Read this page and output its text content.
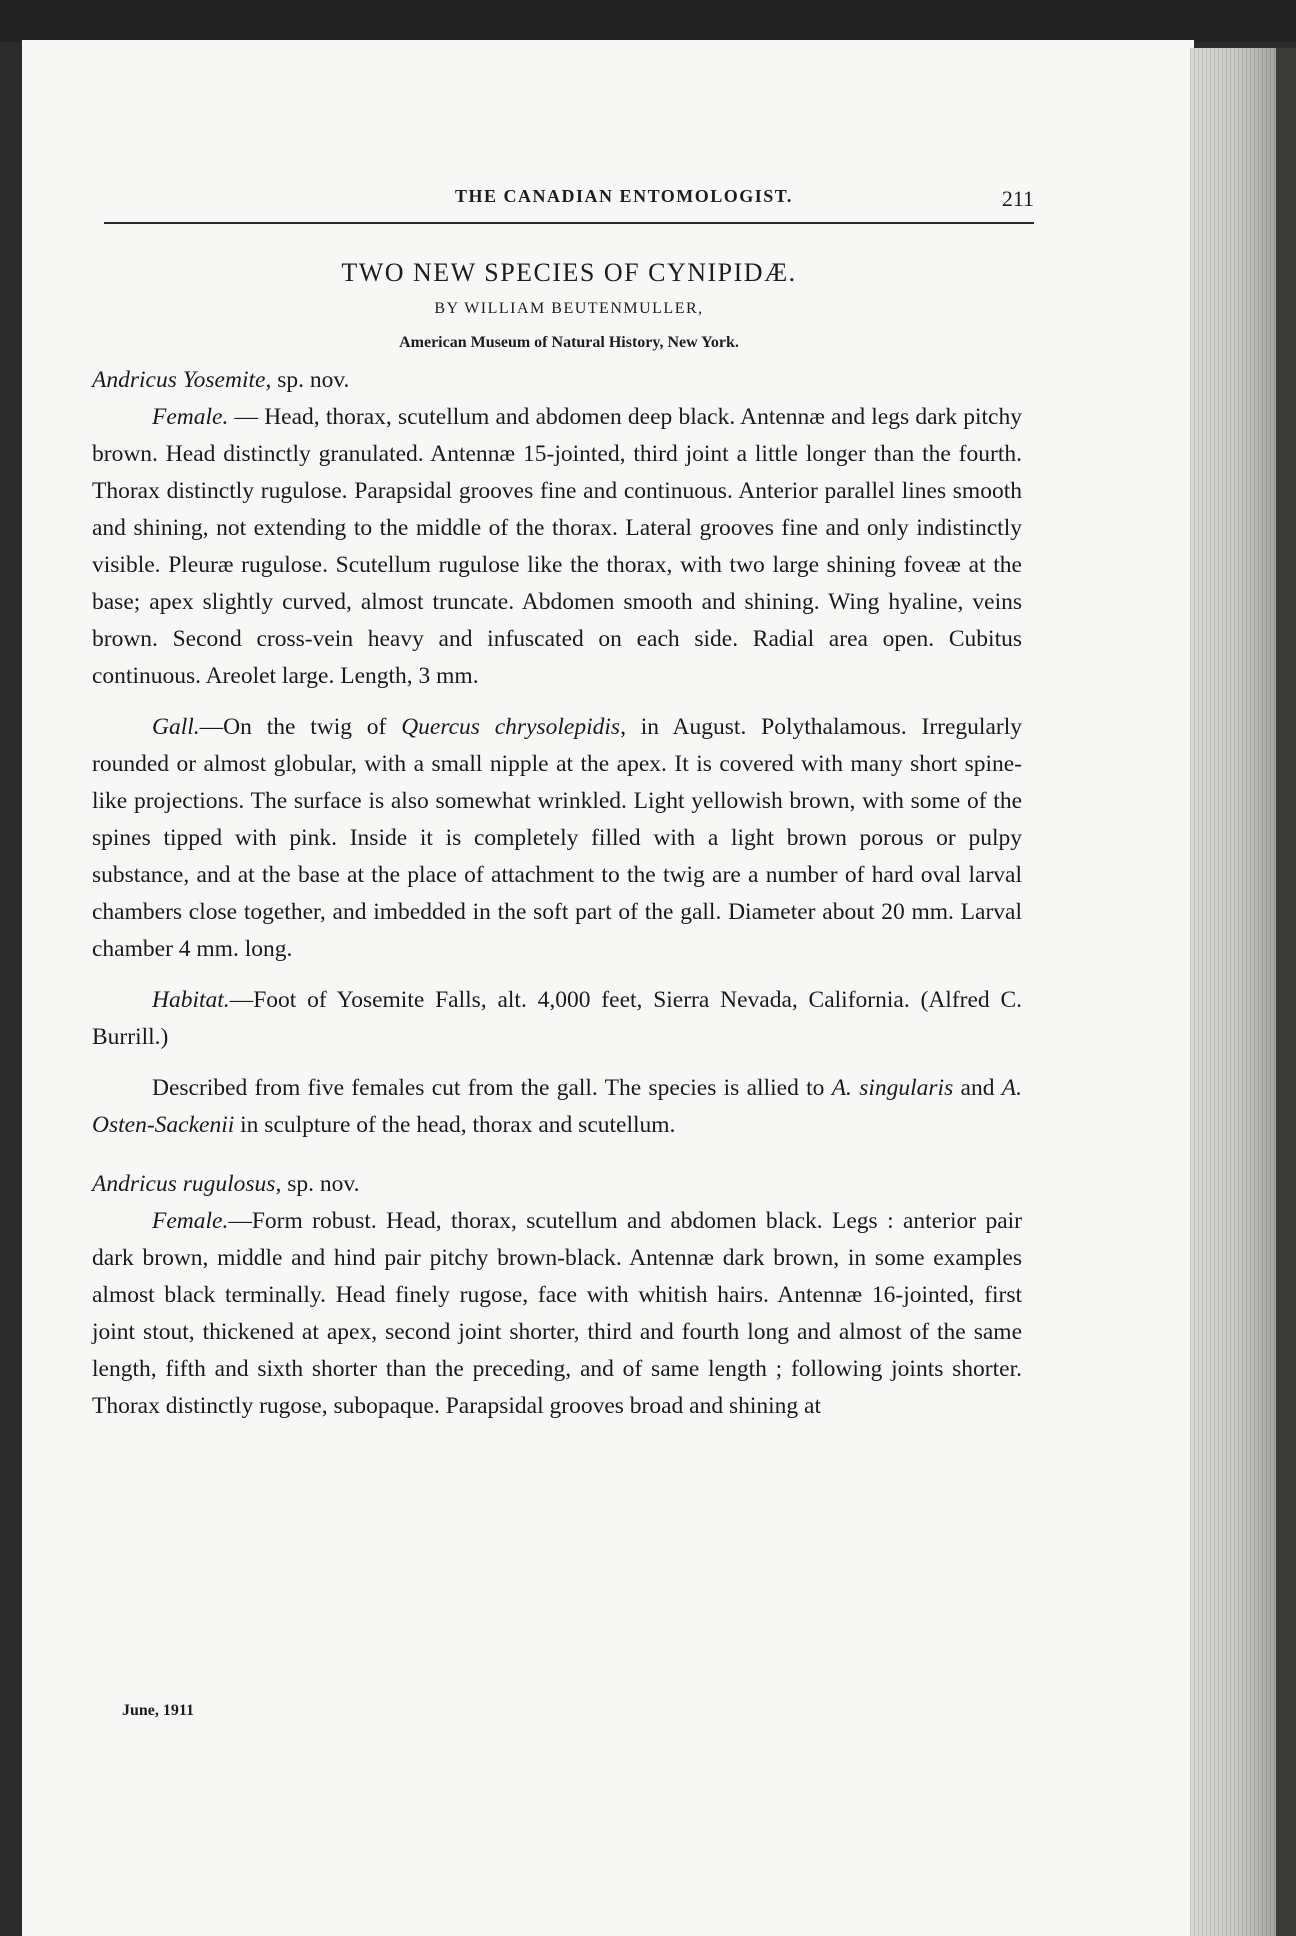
THE CANADIAN ENTOMOLOGIST.	211
TWO NEW SPECIES OF CYNIPIDÆ.
BY WILLIAM BEUTENMULLER,
American Museum of Natural History, New York.

Andricus Yosemite, sp. nov.

Female. — Head, thorax, scutellum and abdomen deep black. Antennæ and legs dark pitchy brown. Head distinctly granulated. Antennæ 15-jointed, third joint a little longer than the fourth. Thorax distinctly rugulose. Parapsidal grooves fine and continuous. Anterior parallel lines smooth and shining, not extending to the middle of the thorax. Lateral grooves fine and only indistinctly visible. Pleuræ rugulose. Scutellum rugulose like the thorax, with two large shining foveæ at the base; apex slightly curved, almost truncate. Abdomen smooth and shining. Wing hyaline, veins brown. Second cross-vein heavy and infuscated on each side. Radial area open. Cubitus continuous. Areolet large. Length, 3 mm.

Gall.—On the twig of Quercus chrysolepidis, in August. Polythalamous. Irregularly rounded or almost globular, with a small nipple at the apex. It is covered with many short spine-like projections. The surface is also somewhat wrinkled. Light yellowish brown, with some of the spines tipped with pink. Inside it is completely filled with a light brown porous or pulpy substance, and at the base at the place of attachment to the twig are a number of hard oval larval chambers close together, and imbedded in the soft part of the gall. Diameter about 20 mm. Larval chamber 4 mm. long.

Habitat.—Foot of Yosemite Falls, alt. 4,000 feet, Sierra Nevada, California. (Alfred C. Burrill.)

Described from five females cut from the gall. The species is allied to A. singularis and A. Osten-Sackenii in sculpture of the head, thorax and scutellum.

Andricus rugulosus, sp. nov.

Female.—Form robust. Head, thorax, scutellum and abdomen black. Legs : anterior pair dark brown, middle and hind pair pitchy brown-black. Antennæ dark brown, in some examples almost black terminally. Head finely rugose, face with whitish hairs. Antennæ 16-jointed, first joint stout, thickened at apex, second joint shorter, third and fourth long and almost of the same length, fifth and sixth shorter than the preceding, and of same length ; following joints shorter. Thorax distinctly rugose, subopaque. Parapsidal grooves broad and shining at

June, 1911
